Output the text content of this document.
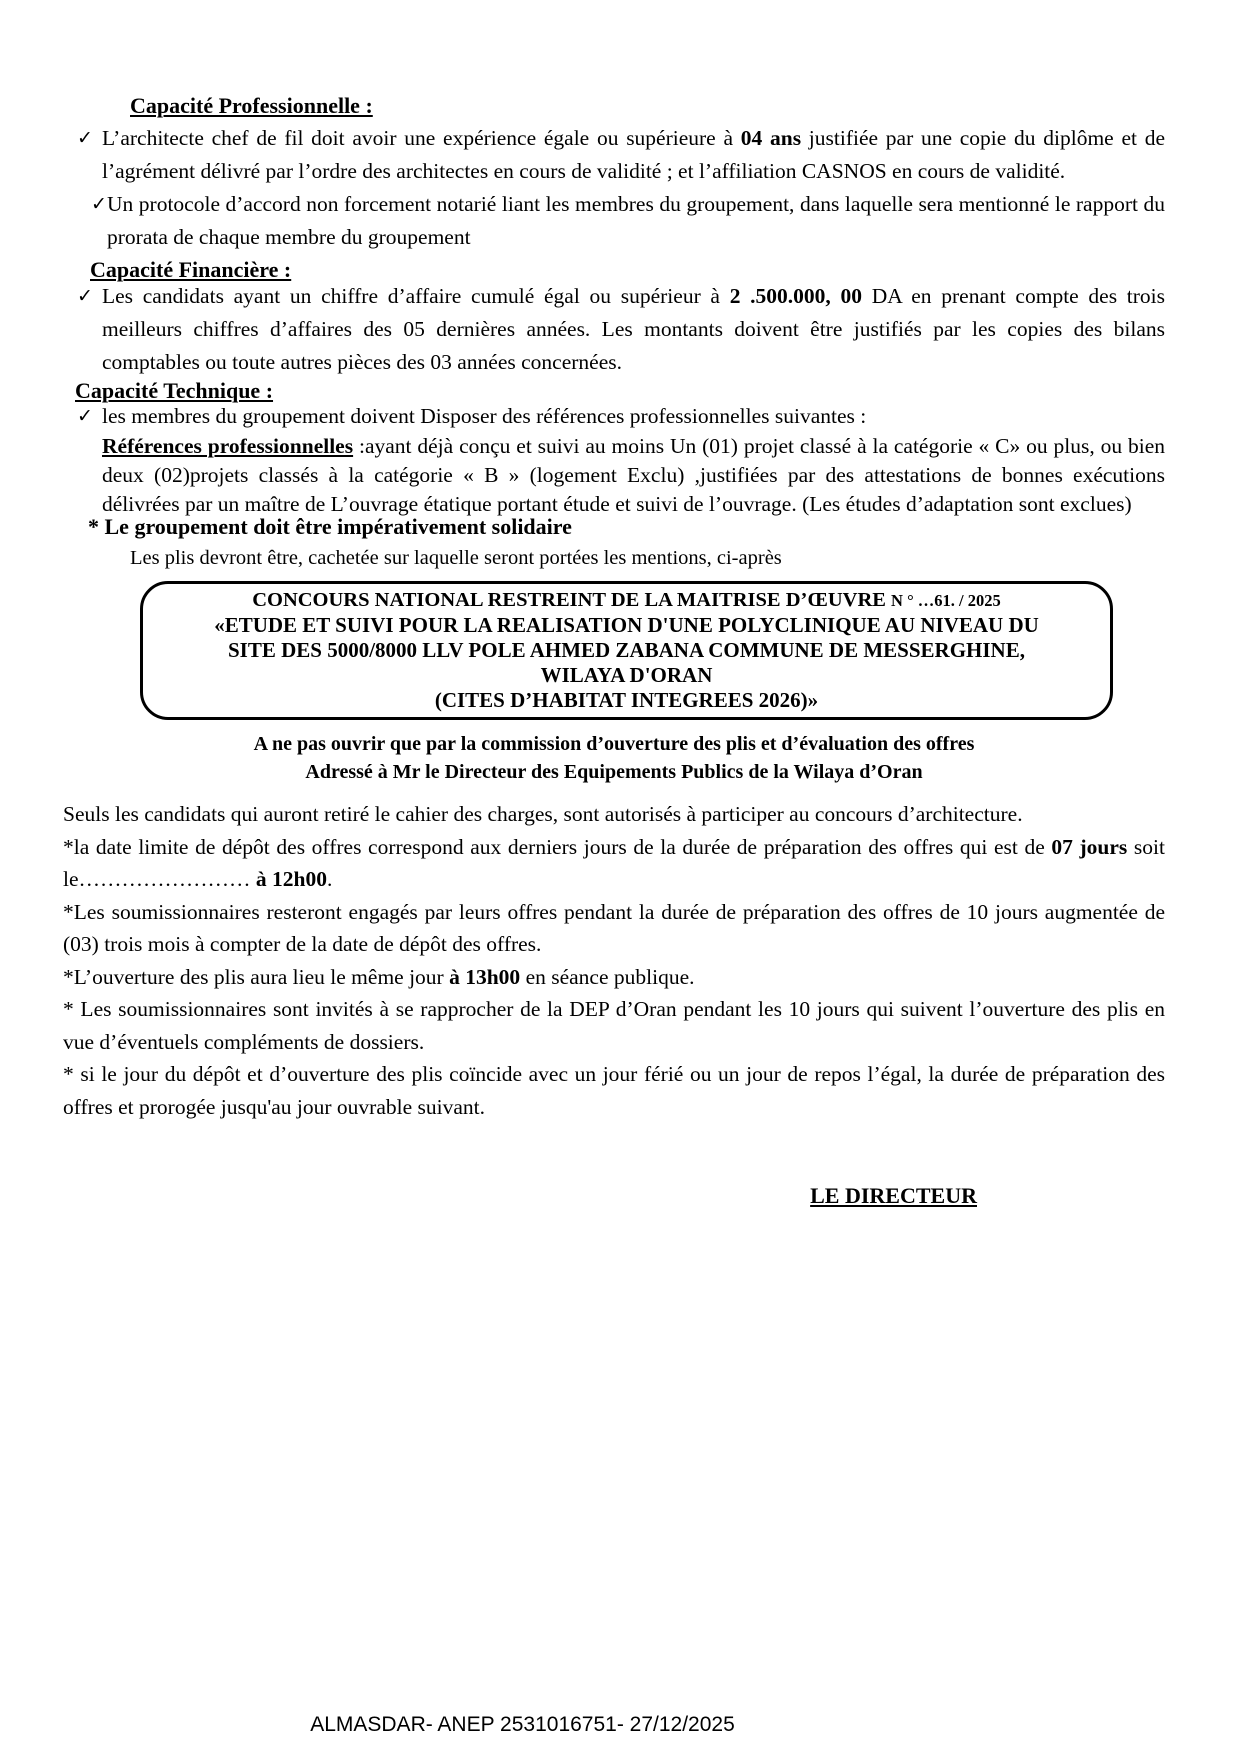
Capacité Professionnelle :
✓ L’architecte chef de fil doit avoir une expérience égale ou supérieure à 04 ans justifiée par une copie du diplôme et de l’agrément délivré par l’ordre des architectes en cours de validité ; et l’affiliation CASNOS en cours de validité.
✓ Un protocole d’accord non forcement notarié liant les membres du groupement, dans laquelle sera mentionné le rapport du prorata de chaque membre du groupement
Capacité Financière :
✓ Les candidats ayant un chiffre d’affaire cumulé égal ou supérieur à 2 .500.000, 00 DA en prenant compte des trois meilleurs chiffres d’affaires des 05 dernières années. Les montants doivent être justifiés par les copies des bilans comptables ou toute autres pièces des 03 années concernées.
Capacité Technique :
✓ les membres du groupement doivent Disposer des références professionnelles suivantes :
Références professionnelles :ayant déjà conçu et suivi au moins Un (01) projet classé à la catégorie « C» ou plus, ou bien deux (02)projets classés à la catégorie « B » (logement Exclu) ,justifiées par des attestations de bonnes exécutions délivrées par un maître de L’ouvrage étatique portant étude et suivi de l’ouvrage. (Les études d’adaptation sont exclues)
* Le groupement doit être impérativement solidaire
Les plis devront être, cachetée sur laquelle seront portées les mentions, ci-après
CONCOURS NATIONAL RESTREINT DE LA MAITRISE D’ŒUVRE N ° …61. / 2025
«ETUDE ET SUIVI POUR LA REALISATION D'UNE POLYCLINIQUE AU NIVEAU DU
SITE DES 5000/8000 LLV POLE AHMED ZABANA COMMUNE DE MESSERGHINE,
WILAYA D'ORAN
(CITES D’HABITAT INTEGREES 2026)»
A ne pas ouvrir que par la commission d’ouverture des plis et d’évaluation des offres
Adressé à Mr le Directeur des Equipements Publics de la Wilaya d’Oran
Seuls les candidats qui auront retiré le cahier des charges, sont autorisés à participer au concours d’architecture.
*la date limite de dépôt des offres correspond aux derniers jours de la durée de préparation des offres qui est de 07 jours soit le…………………… à 12h00.
*Les soumissionnaires resteront engagés par leurs offres pendant la durée de préparation des offres de 10 jours augmentée de (03) trois mois à compter de la date de dépôt des offres.
*L’ouverture des plis aura lieu le même jour à 13h00 en séance publique.
* Les soumissionnaires sont invités à se rapprocher de la DEP d’Oran pendant les 10 jours qui suivent l’ouverture des plis en vue d’éventuels compléments de dossiers.
* si le jour du dépôt et d’ouverture des plis coïncide avec un jour férié ou un jour de repos l’égal, la durée de préparation des offres et prorogée jusqu'au jour ouvrable suivant.
LE DIRECTEUR
ALMASDAR- ANEP 2531016751- 27/12/2025
